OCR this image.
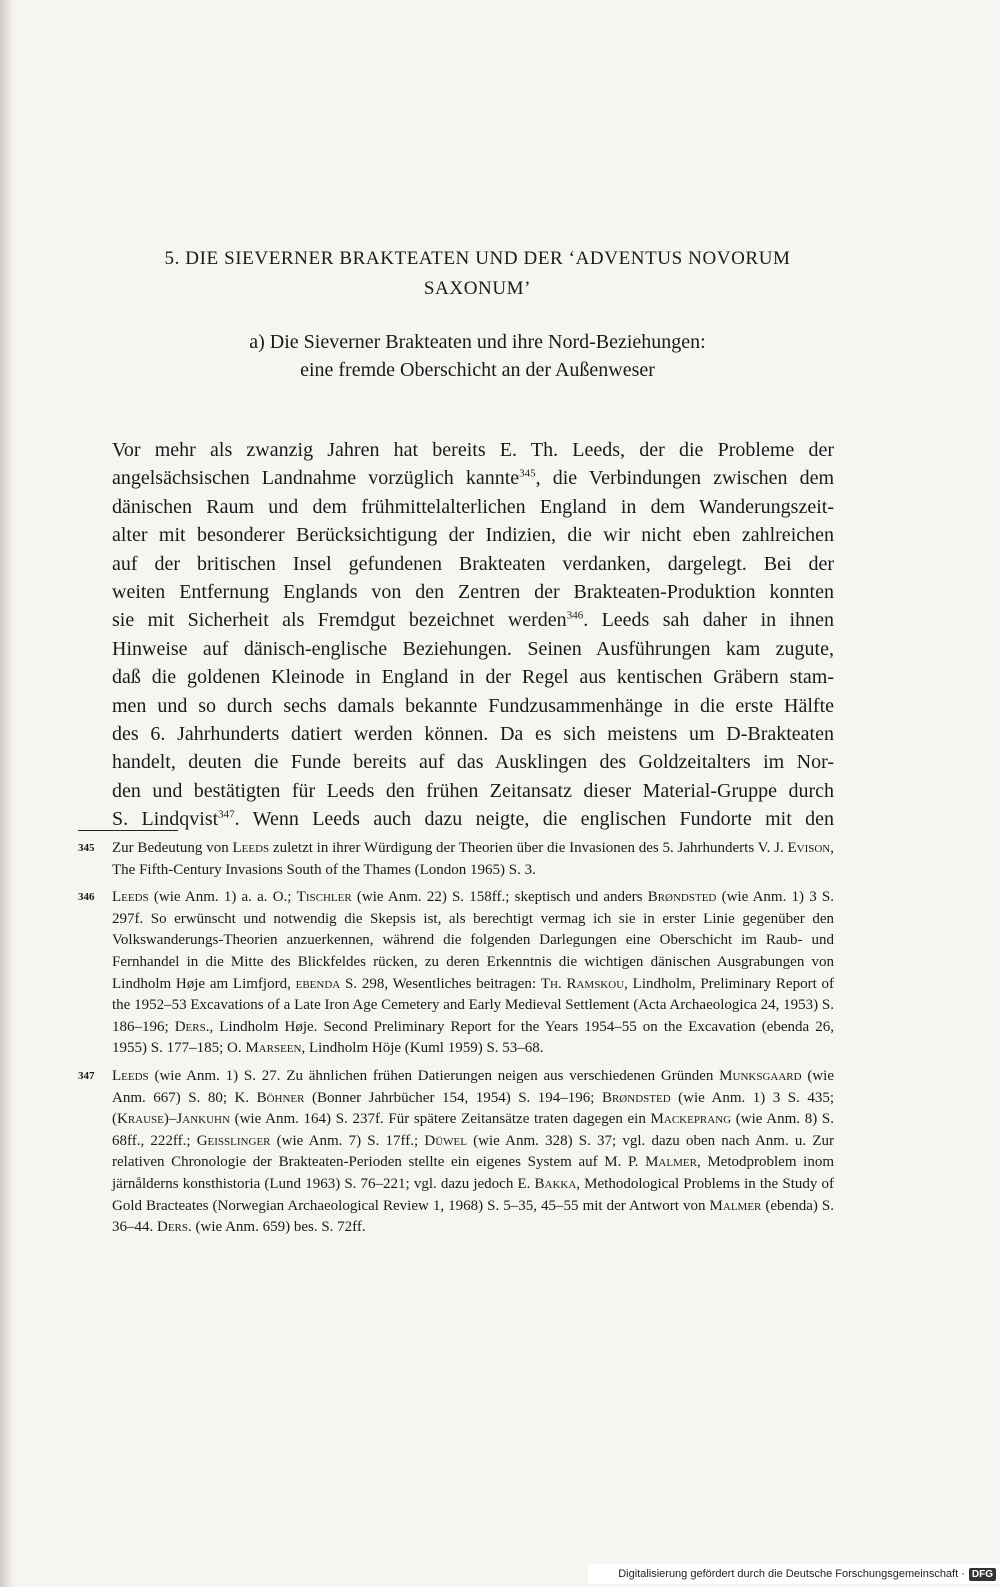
5. DIE SIEVERNER BRAKTEATEN UND DER ‘ADVENTUS NOVORUM
SAXONUM’
a) Die Sieverner Brakteaten und ihre Nord-Beziehungen:
eine fremde Oberschicht an der Außenweser
Vor mehr als zwanzig Jahren hat bereits E. Th. Leeds, der die Probleme der
angelsächsischen Landnahme vorzüglich kannte$^{345}$, die Verbindungen zwischen dem
dänischen Raum und dem frühmittelalterlichen England in dem Wanderungszeit-
alter mit besonderer Berücksichtigung der Indizien, die wir nicht eben zahlreichen
auf der britischen Insel gefundenen Brakteaten verdanken, dargelegt. Bei der
weiten Entfernung Englands von den Zentren der Brakteaten-Produktion konnten
sie mit Sicherheit als Fremdgut bezeichnet werden$^{346}$. Leeds sah daher in ihnen
Hinweise auf dänisch-englische Beziehungen. Seinen Ausführungen kam zugute,
daß die goldenen Kleinode in England in der Regel aus kentischen Gräbern stam-
men und so durch sechs damals bekannte Fundzusammenhänge in die erste Hälfte
des 6. Jahrhunderts datiert werden können. Da es sich meistens um D-Brakteaten
handelt, deuten die Funde bereits auf das Ausklingen des Goldzeitalters im Nor-
den und bestätigten für Leeds den frühen Zeitansatz dieser Material-Gruppe durch
S. Lindqvist$^{347}$. Wenn Leeds auch dazu neigte, die englischen Fundorte mit den
345 Zur Bedeutung von Leeds zuletzt in ihrer Würdigung der Theorien über die Invasionen des 5. Jahrhunderts V. J. Evison, The Fifth-Century Invasions South of the Thames (London 1965) S. 3.
346 Leeds (wie Anm. 1) a. a. O.; Tischler (wie Anm. 22) S. 158ff.; skeptisch und anders Brøndsted (wie Anm. 1) 3 S. 297f. So erwünscht und notwendig die Skepsis ist, als berechtigt vermag ich sie in erster Linie gegenüber den Volkswanderungs-Theorien anzuerkennen, während die folgenden Darlegungen eine Oberschicht im Raub- und Fernhandel in die Mitte des Blickfeldes rücken, zu deren Erkenntnis die wichtigen dänischen Ausgrabungen von Lindholm Høje am Limfjord, ebenda S. 298, Wesentliches beitragen: Th. Ramskou, Lindholm, Preliminary Report of the 1952–53 Excavations of a Late Iron Age Cemetery and Early Medieval Settlement (Acta Archaeologica 24, 1953) S. 186–196; Ders., Lindholm Høje. Second Preliminary Report for the Years 1954–55 on the Excavation (ebenda 26, 1955) S. 177–185; O. Marseen, Lindholm Höje (Kuml 1959) S. 53–68.
347 Leeds (wie Anm. 1) S. 27. Zu ähnlichen frühen Datierungen neigen aus verschiedenen Gründen Munksgaard (wie Anm. 667) S. 80; K. Böhner (Bonner Jahrbücher 154, 1954) S. 194–196; Brøndsted (wie Anm. 1) 3 S. 435; (Krause)–Jankuhn (wie Anm. 164) S. 237f. Für spätere Zeitansätze traten dagegen ein Mackeprang (wie Anm. 8) S. 68ff., 222ff.; Geisslinger (wie Anm. 7) S. 17ff.; Düwel (wie Anm. 328) S. 37; vgl. dazu oben nach Anm. u. Zur relativen Chronologie der Brakteaten-Perioden stellte ein eigenes System auf M. P. Malmer, Metodproblem inom järnålderns konsthistoria (Lund 1963) S. 76–221; vgl. dazu jedoch E. Bakka, Methodological Problems in the Study of Gold Bracteates (Norwegian Archaeological Review 1, 1968) S. 5–35, 45–55 mit der Antwort von Malmer (ebenda) S. 36–44. Ders. (wie Anm. 659) bes. S. 72ff.
Digitalisierung gefördert durch die Deutsche Forschungsgemeinschaft · DFG
